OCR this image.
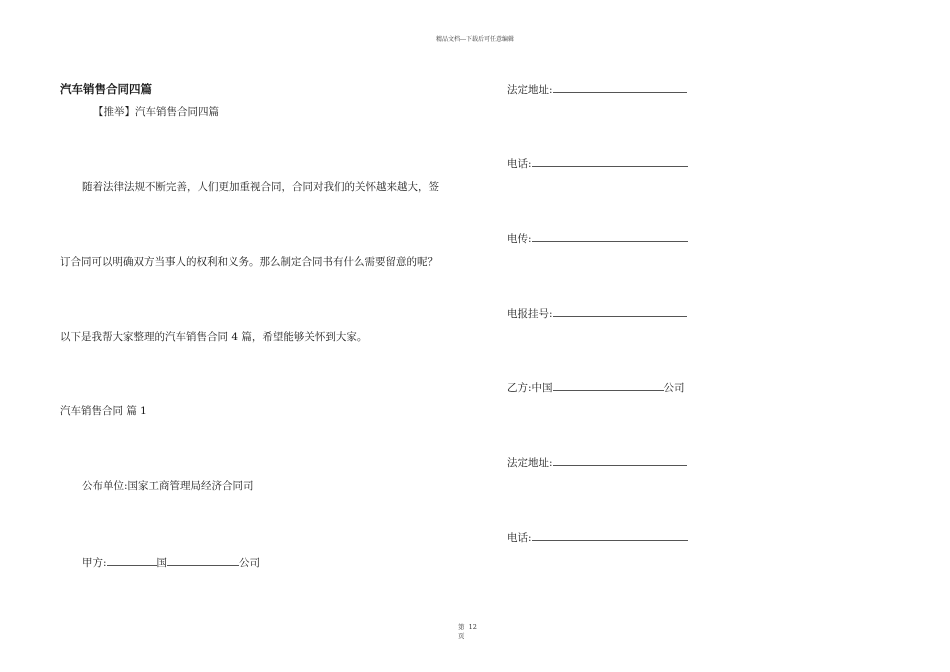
精品文档---下载后可任意编辑
汽车销售合同四篇
【推举】汽车销售合同四篇
随着法律法规不断完善，人们更加重视合同，合同对我们的关怀越来越大，签
订合同可以明确双方当事人的权利和义务。那么制定合同书有什么需要留意的呢？
以下是我帮大家整理的汽车销售合同 4 篇，希望能够关怀到大家。
汽车销售合同 篇 1
公布单位:国家工商管理局经济合同司
甲方:	国	公司
法定地址:
电话:
电传:
电报挂号:
乙方:中国	公司
法定地址:
电话:
第 12
页
